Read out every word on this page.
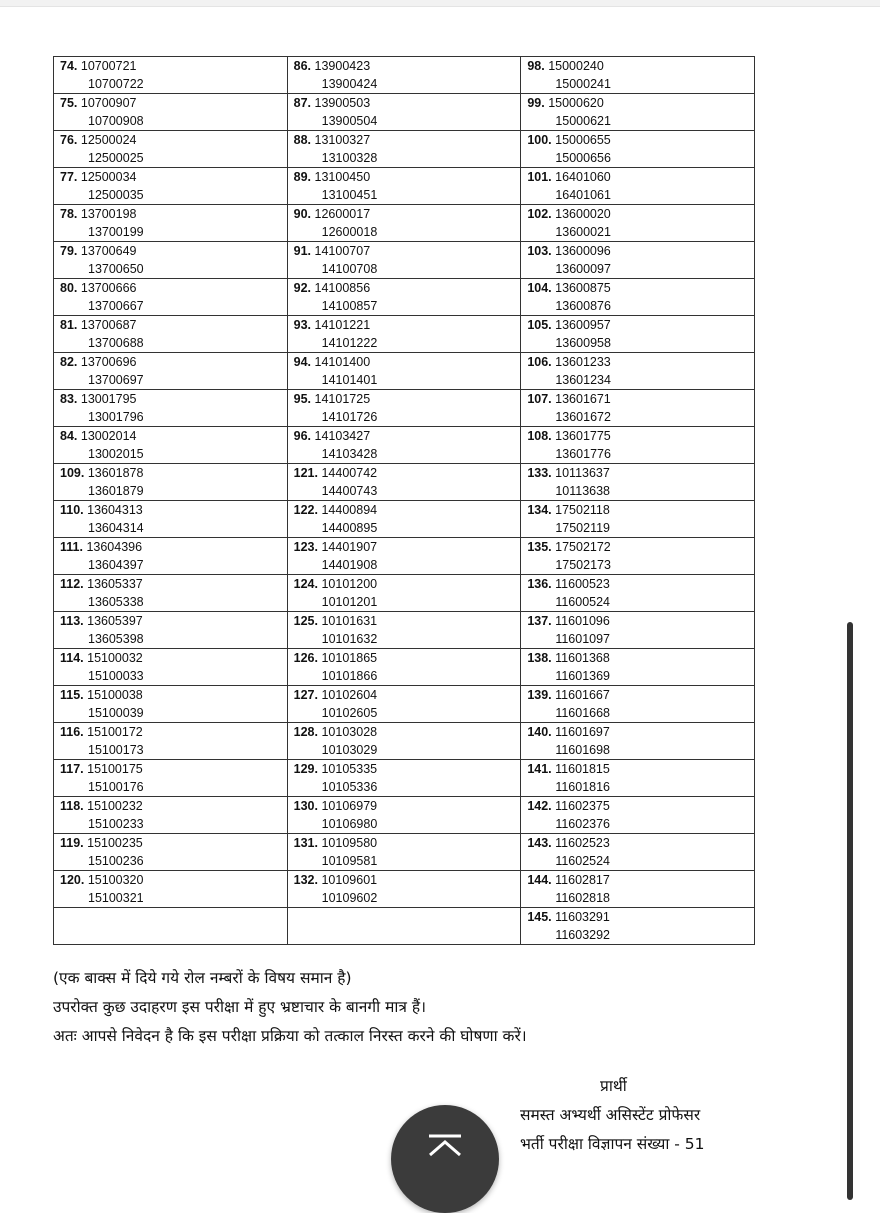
74. 10700721
10700722	86. 13900423
13900424	98. 15000240
15000241

75. 10700907
10700908	87. 13900503
13900504	99. 15000620
15000621

76. 12500024
12500025	88. 13100327
13100328	100. 15000655
15000656

77. 12500034
12500035	89. 13100450
13100451	101. 16401060
16401061

78. 13700198
13700199	90. 12600017
12600018	102. 13600020
13600021

79. 13700649
13700650	91. 14100707
14100708	103. 13600096
13600097

80. 13700666
13700667	92. 14100856
14100857	104. 13600875
13600876

81. 13700687
13700688	93. 14101221
14101222	105. 13600957
13600958

82. 13700696
13700697	94. 14101400
14101401	106. 13601233
13601234

83. 13001795
13001796	95. 14101725
14101726	107. 13601671
13601672

84. 13002014
13002015	96. 14103427
14103428	108. 13601775
13601776

109. 13601878
13601879	121. 14400742
14400743	133. 10113637
10113638

110. 13604313
13604314	122. 14400894
14400895	134. 17502118
17502119

111. 13604396
13604397	123. 14401907
14401908	135. 17502172
17502173

112. 13605337
13605338	124. 10101200
10101201	136. 11600523
11600524

113. 13605397
13605398	125. 10101631
10101632	137. 11601096
11601097

114. 15100032
15100033	126. 10101865
10101866	138. 11601368
11601369

115. 15100038
15100039	127. 10102604
10102605	139. 11601667
11601668

116. 15100172
15100173	128. 10103028
10103029	140. 11601697
11601698

117. 15100175
15100176	129. 10105335
10105336	141. 11601815
11601816

118. 15100232
15100233	130. 10106979
10106980	142. 11602375
11602376

119. 15100235
15100236	131. 10109580
10109581	143. 11602523
11602524

120. 15100320
15100321	132. 10109601
10109602	144. 11602817
11602818

		145. 11603291
11603292

(एक बाक्स में दिये गये रोल नम्बरों के विषय समान है)

उपरोक्त कुछ उदाहरण इस परीक्षा में हुए भ्रष्टाचार के बानगी मात्र हैं।

अतः आपसे निवेदन है कि इस परीक्षा प्रक्रिया को तत्काल निरस्त करने की घोषणा करें।

प्रार्थी
समस्त अभ्यर्थी असिस्टेंट प्रोफेसर
भर्ती परीक्षा विज्ञापन संख्या - 51
